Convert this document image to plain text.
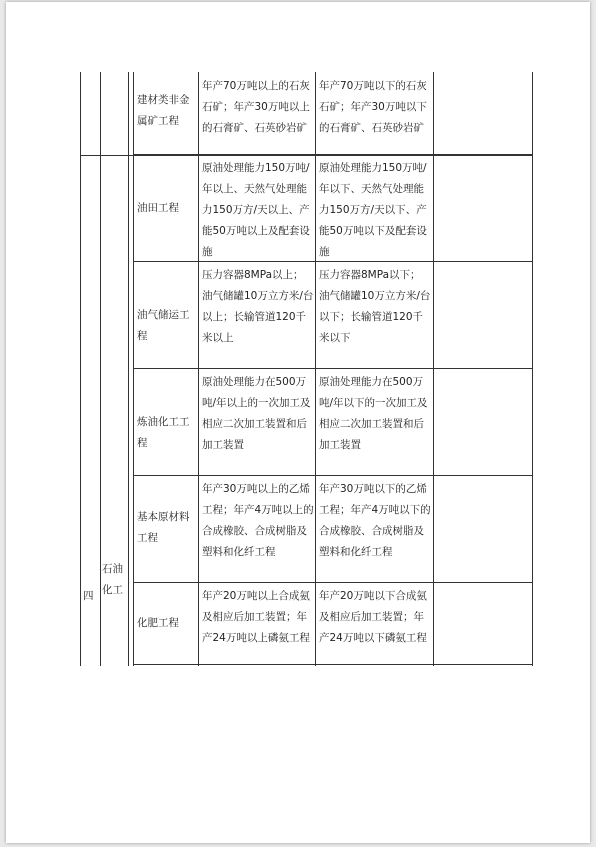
四
石油化工
建材类非金属矿工程
年产70万吨以上的石灰石矿；年产30万吨以上的石膏矿、石英砂岩矿
年产70万吨以下的石灰石矿；年产30万吨以下的石膏矿、石英砂岩矿
油田工程
原油处理能力150万吨/年以上、天然气处理能力150万方/天以上、产能50万吨以上及配套设施
原油处理能力150万吨/年以下、天然气处理能力150万方/天以下、产能50万吨以下及配套设施
油气储运工程
压力容器8MPa以上；油气储罐10万立方米/台以上；长输管道120千米以上
压力容器8MPa以下；油气储罐10万立方米/台以下；长输管道120千米以下
炼油化工工程
原油处理能力在500万吨/年以上的一次加工及相应二次加工装置和后加工装置
原油处理能力在500万吨/年以下的一次加工及相应二次加工装置和后加工装置
基本原材料工程
年产30万吨以上的乙烯工程；年产4万吨以上的合成橡胶、合成树脂及塑料和化纤工程
年产30万吨以下的乙烯工程；年产4万吨以下的合成橡胶、合成树脂及塑料和化纤工程
化肥工程
年产20万吨以上合成氨及相应后加工装置；年产24万吨以上磷氨工程
年产20万吨以下合成氨及相应后加工装置；年产24万吨以下磷氨工程
